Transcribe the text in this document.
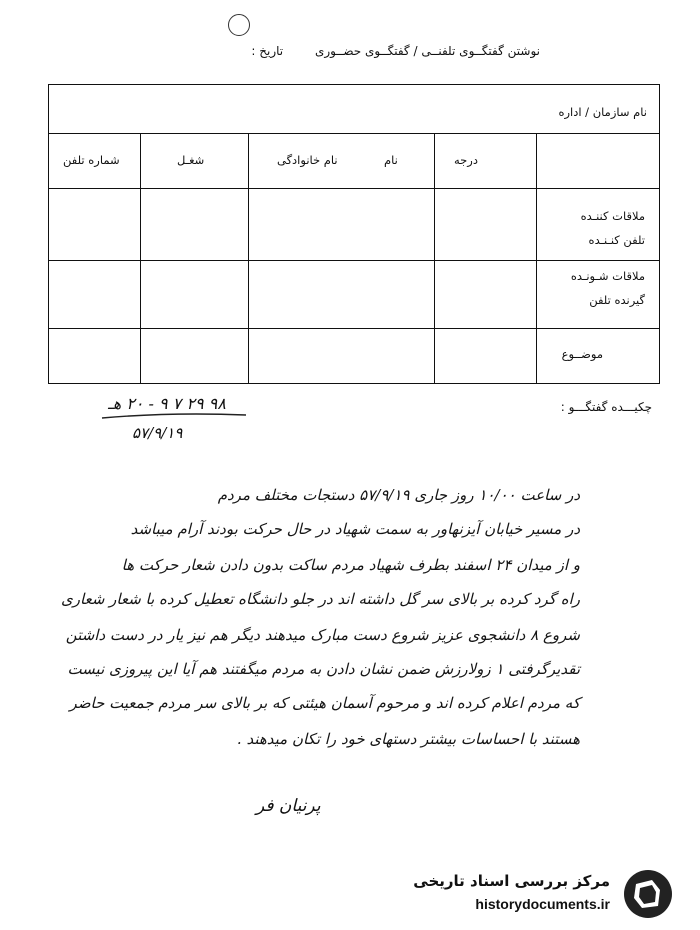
نوشتن گفتگــوی تلفنــی / گفتگــوی حضــوری تاریخ :
نام سازمان / اداره
درجه
نام
نام خانوادگی
شغـل
شماره تلفن
ملاقات کننـده
تلفن کنـنـده
ملاقات شـونـده
گیرنده تلفن
موضــوع
چکیـــده گفتگـــو :
۹۸ ۲۹ ۷ ۹ - ۲۰ هـ
۵۷/۹/۱۹
در ساعت ۱۰/۰۰ روز جاری ۵۷/۹/۱۹ دستجات مختلف مردم
در مسیر خیابان آیزنهاور به سمت شهیاد در حال حرکت بودند آرام میباشد
و از میدان ۲۴ اسفند بطرف شهیاد مردم ساکت بدون دادن شعار حرکت ها
راه گرد کرده بر بالای سر گل داشته اند در جلو دانشگاه تعطیل کرده با شعار شعاری
شروع ۸ دانشجوی عزیز شروع دست مبارک میدهند دیگر هم نیز یار در دست داشتن
تقدیرگرفتی ۱ زولارزش ضمن نشان دادن به مردم میگفتند هم آیا این پیروزی نیست
که مردم اعلام کرده اند و مرحوم آسمان هیئتی که بر بالای سر مردم جمعیت حاضر
هستند با احساسات بیشتر دستهای خود را تکان میدهند .
پرنیان فر
مرکز بررسی اسناد تاریخی
historydocuments.ir
